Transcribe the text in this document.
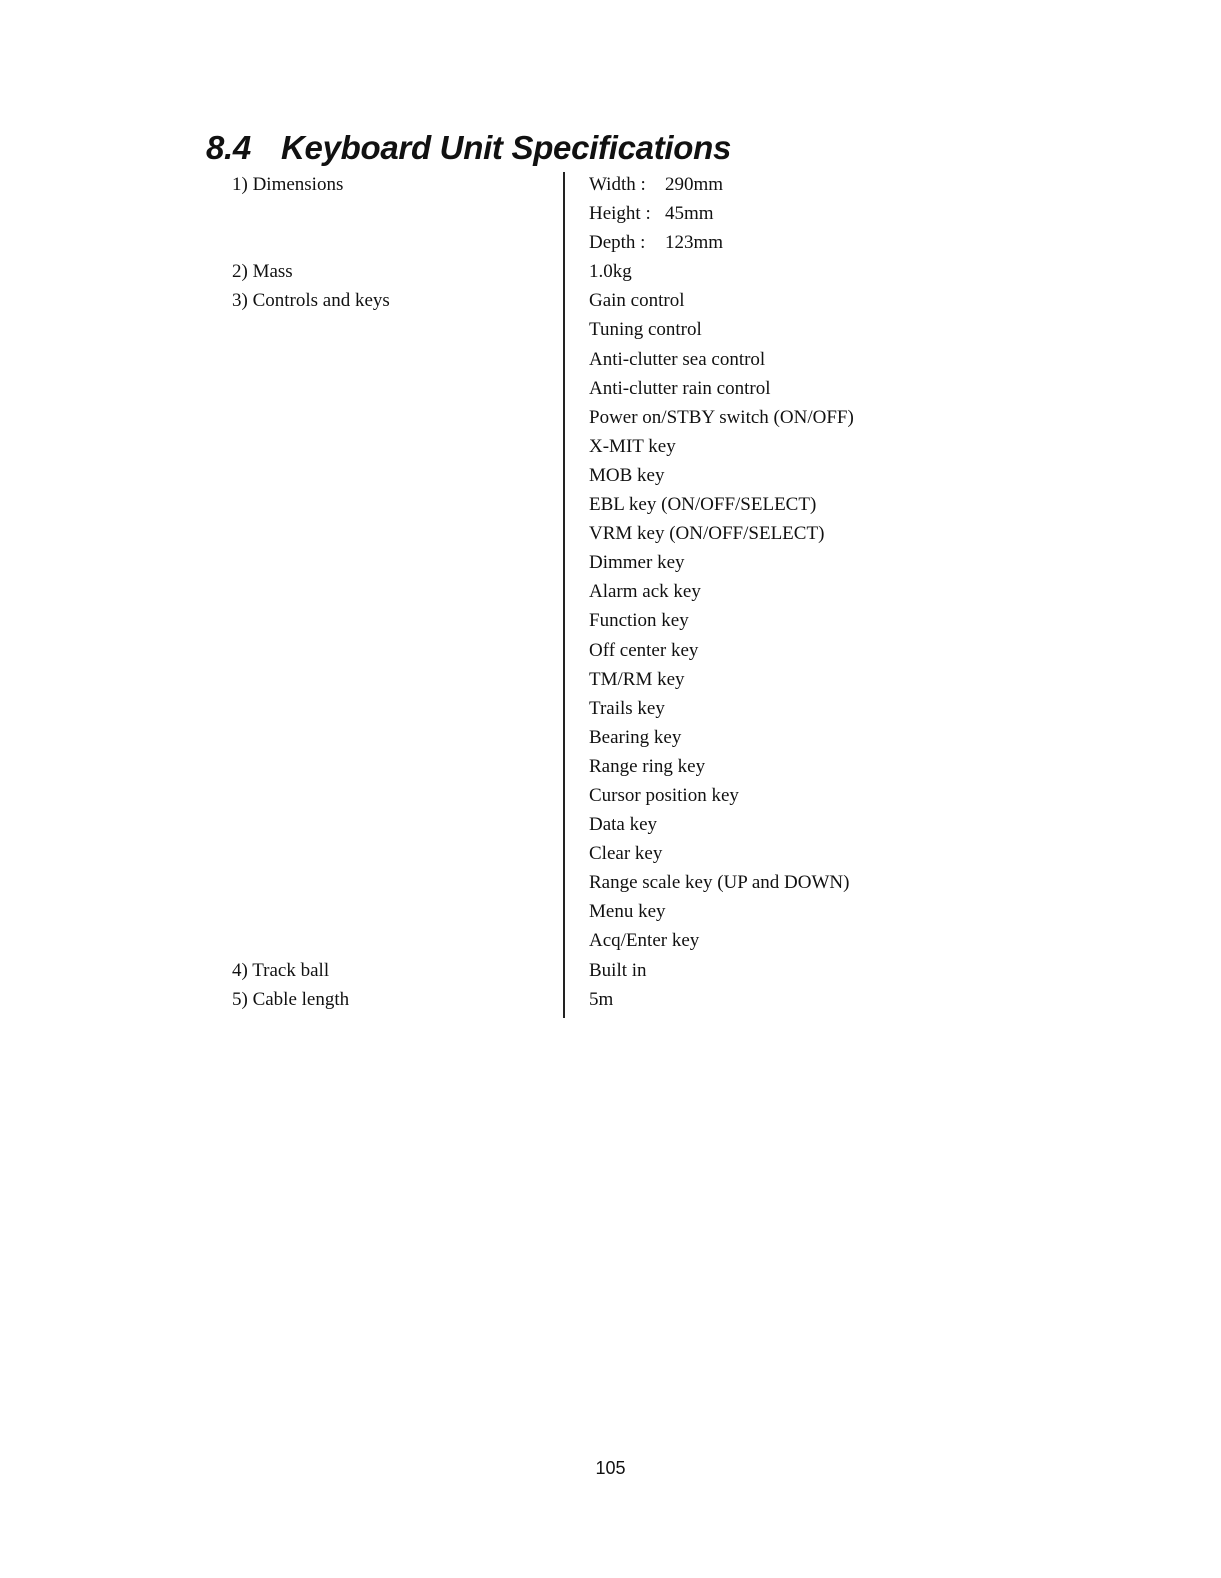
8.4 Keyboard Unit Specifications
1) Dimensions
2) Mass
3) Controls and keys
4) Track ball
5) Cable length
Width : 290mm
Height : 45mm
Depth : 123mm
1.0kg
Gain control
Tuning control
Anti-clutter sea control
Anti-clutter rain control
Power on/STBY switch (ON/OFF)
X-MIT key
MOB key
EBL key (ON/OFF/SELECT)
VRM key (ON/OFF/SELECT)
Dimmer key
Alarm ack key
Function key
Off center key
TM/RM key
Trails key
Bearing key
Range ring key
Cursor position key
Data key
Clear key
Range scale key (UP and DOWN)
Menu key
Acq/Enter key
Built in
5m
105
